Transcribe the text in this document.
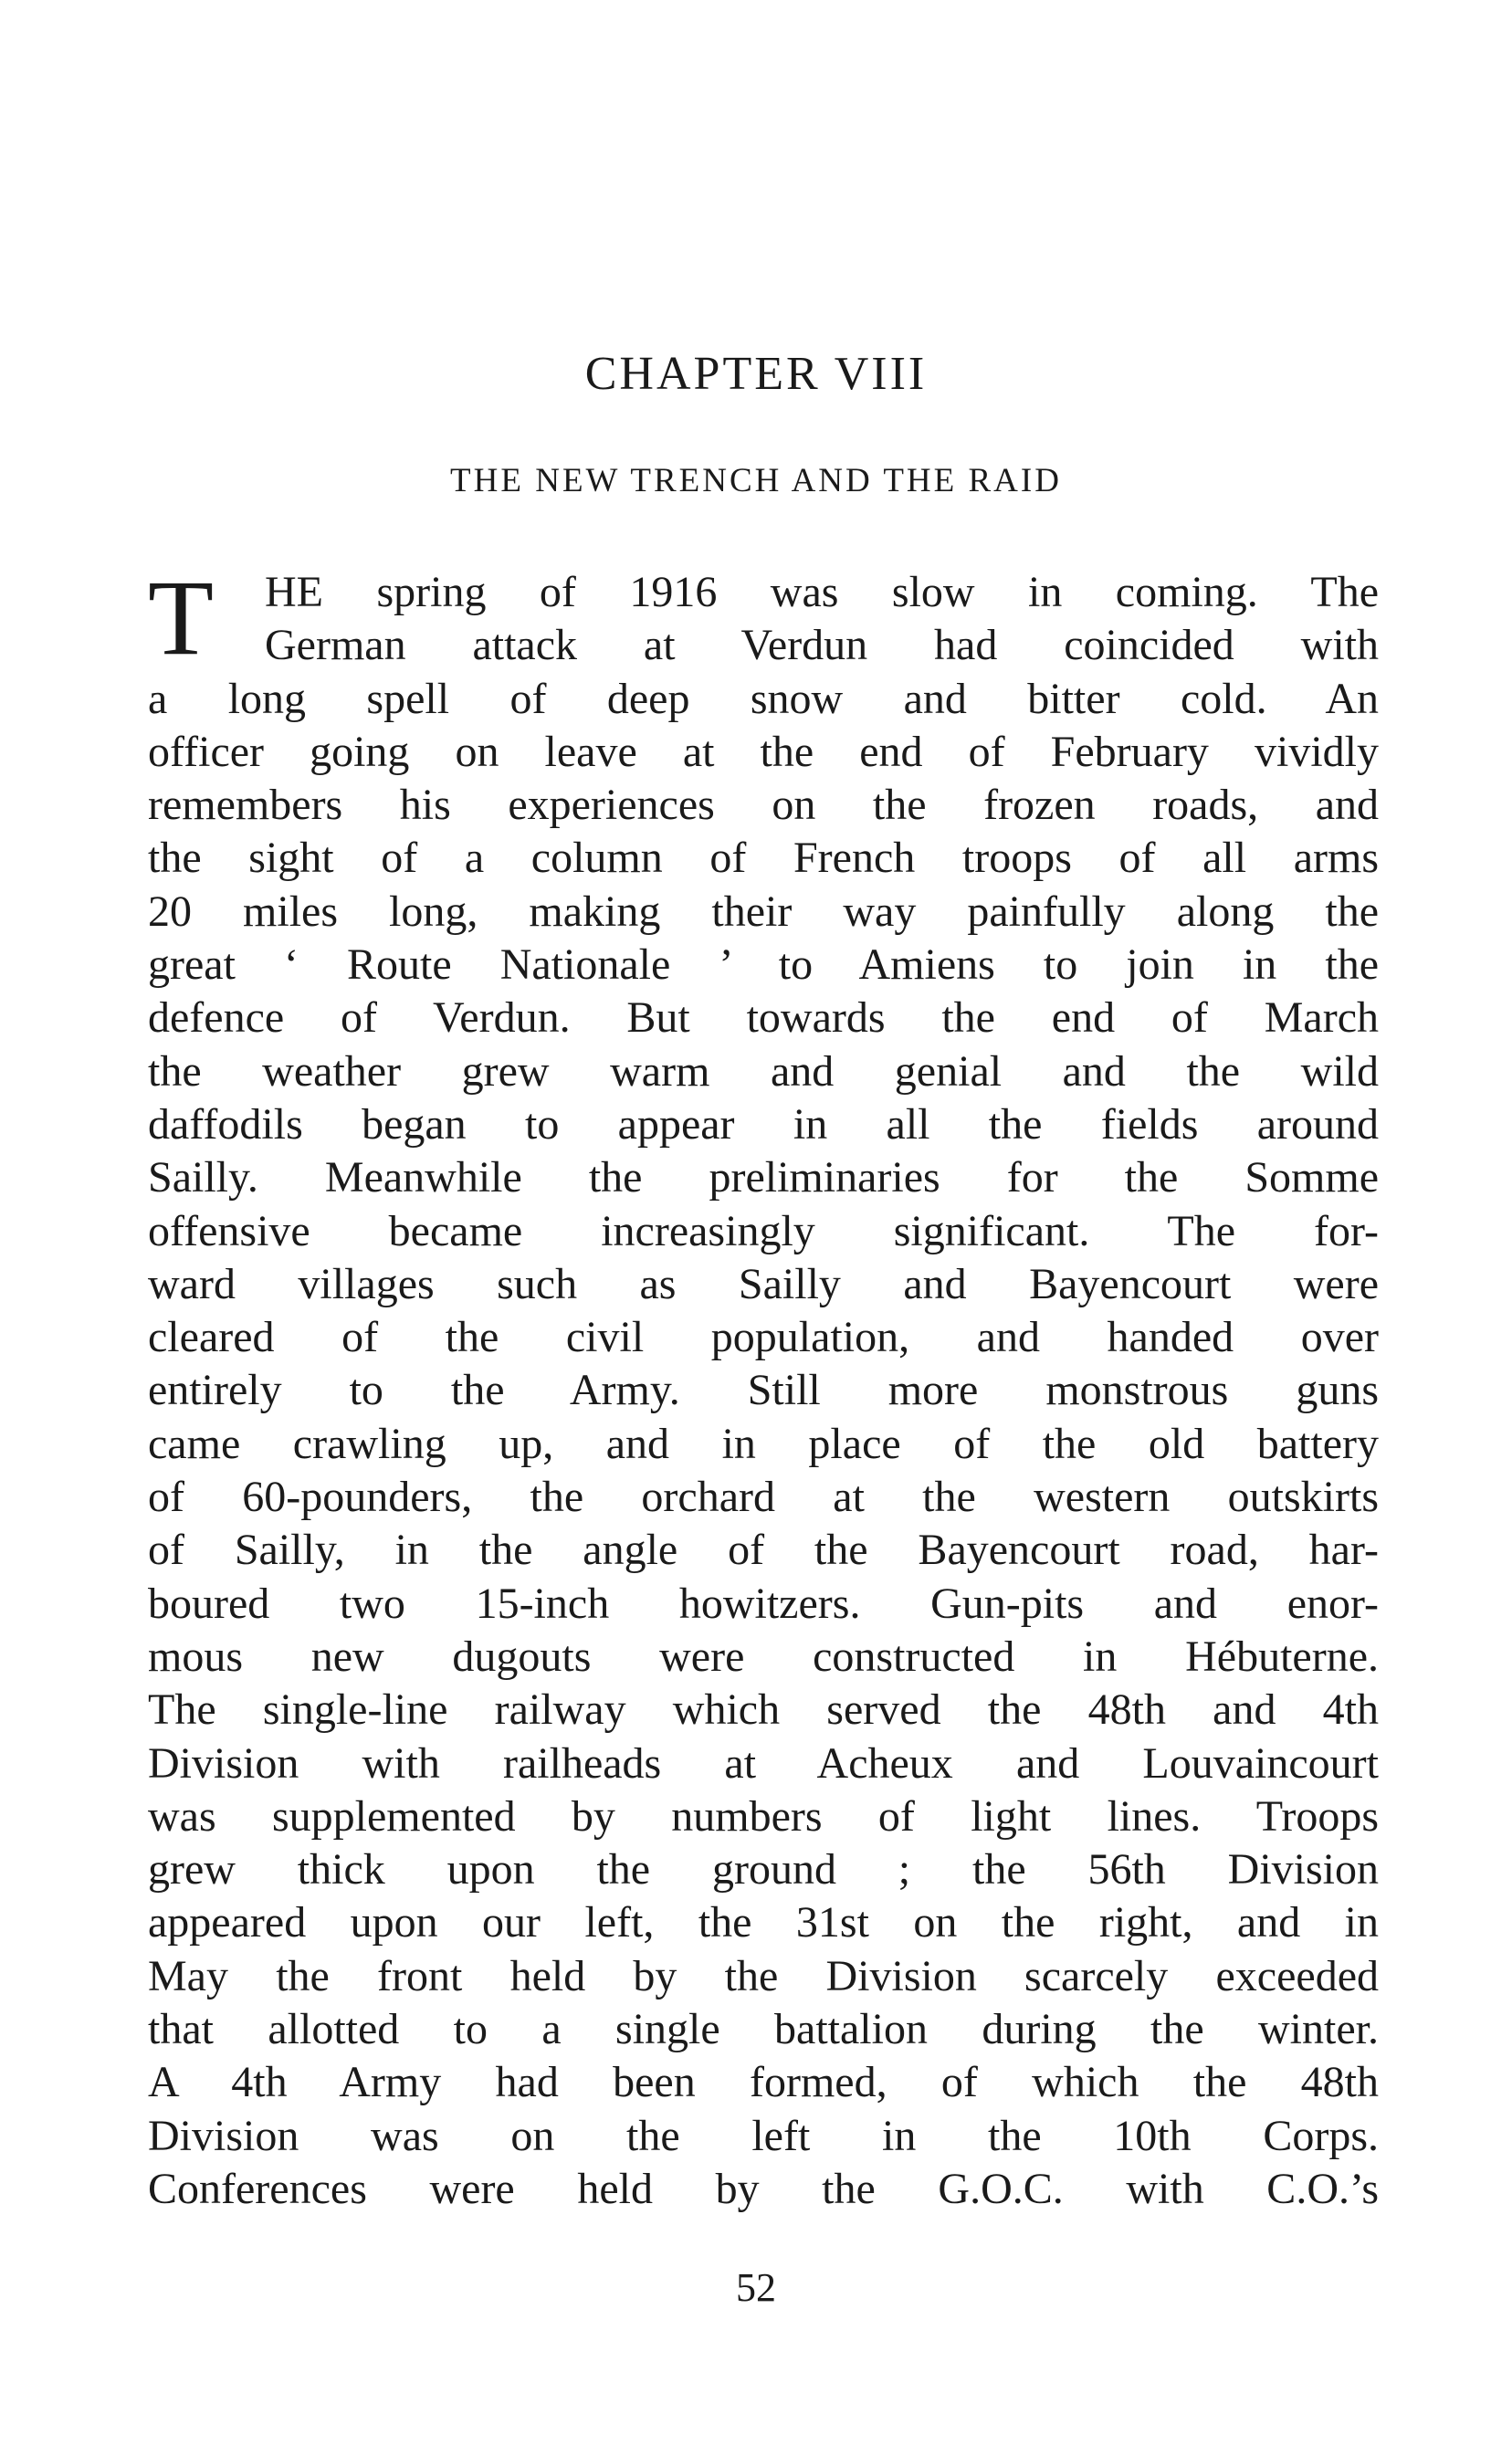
CHAPTER VIII
THE NEW TRENCH AND THE RAID
T	HE spring of 1916 was slow in coming. The
German attack at Verdun had coincided with
a long spell of deep snow and bitter cold. An
officer going on leave at the end of February vividly
remembers his experiences on the frozen roads, and
the sight of a column of French troops of all arms
20 miles long, making their way painfully along the
great ‘ Route Nationale ’ to Amiens to join in the
defence of Verdun. But towards the end of March
the weather grew warm and genial and the wild
daffodils began to appear in all the fields around
Sailly. Meanwhile the preliminaries for the Somme
offensive became increasingly significant. The for-
ward villages such as Sailly and Bayencourt were
cleared of the civil population, and handed over
entirely to the Army. Still more monstrous guns
came crawling up, and in place of the old battery
of 60-pounders, the orchard at the western outskirts
of Sailly, in the angle of the Bayencourt road, har-
boured two 15-inch howitzers. Gun-pits and enor-
mous new dugouts were constructed in Hébuterne.
The single-line railway which served the 48th and 4th
Division with railheads at Acheux and Louvaincourt
was supplemented by numbers of light lines. Troops
grew thick upon the ground ; the 56th Division
appeared upon our left, the 31st on the right, and in
May the front held by the Division scarcely exceeded
that allotted to a single battalion during the winter.
A 4th Army had been formed, of which the 48th
Division was on the left in the 10th Corps.
Conferences were held by the G.O.C. with C.O.’s

52
